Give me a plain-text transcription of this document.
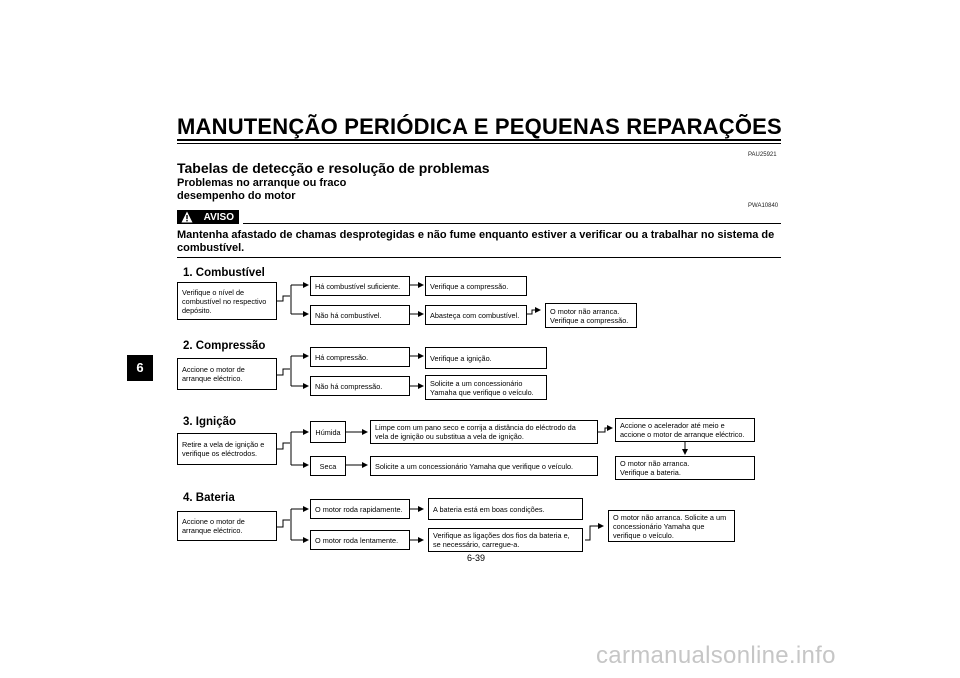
MANUTENÇÃO PERIÓDICA E PEQUENAS REPARAÇÕES
6
PAU25921
Tabelas de detecção e resolução de problemas
Problemas no arranque ou fraco
desempenho do motor
PWA10840
AVISO
Mantenha afastado de chamas desprotegidas e não fume enquanto estiver a verificar ou a trabalhar no sistema de combustível.
1. Combustível
Verifique o nível de
combustível no respectivo
depósito.
Há combustível suficiente.
Não há combustível.
Verifique a compressão.
Abasteça com combustível.	O motor não arranca.
Verifique a compressão.
2. Compressão
Accione o motor de
arranque eléctrico.
Há compressão.
Não há compressão.
Verifique a ignição.
Solicite a um concessionário
Yamaha que verifique o veículo.
3. Ignição
Retire a vela de ignição e
verifique os eléctrodos.
Húmida
Seca
Limpe com um pano seco e corrija a distância do eléctrodo da
vela de ignição ou substitua a vela de ignição.
Solicite a um concessionário Yamaha que verifique o veículo.
Accione o acelerador até meio e
accione o motor de arranque eléctrico.
O motor não arranca.
Verifique a bateria.
4. Bateria
Accione o motor de
arranque eléctrico.
O motor roda rapidamente.
O motor roda lentamente.
A bateria está em boas condições.
Verifique as ligações dos fios da bateria e,
se necessário, carregue-a.
O motor não arranca. Solicite a um
concessionário Yamaha que
verifique o veículo.
6-39
carmanualsonline.info
